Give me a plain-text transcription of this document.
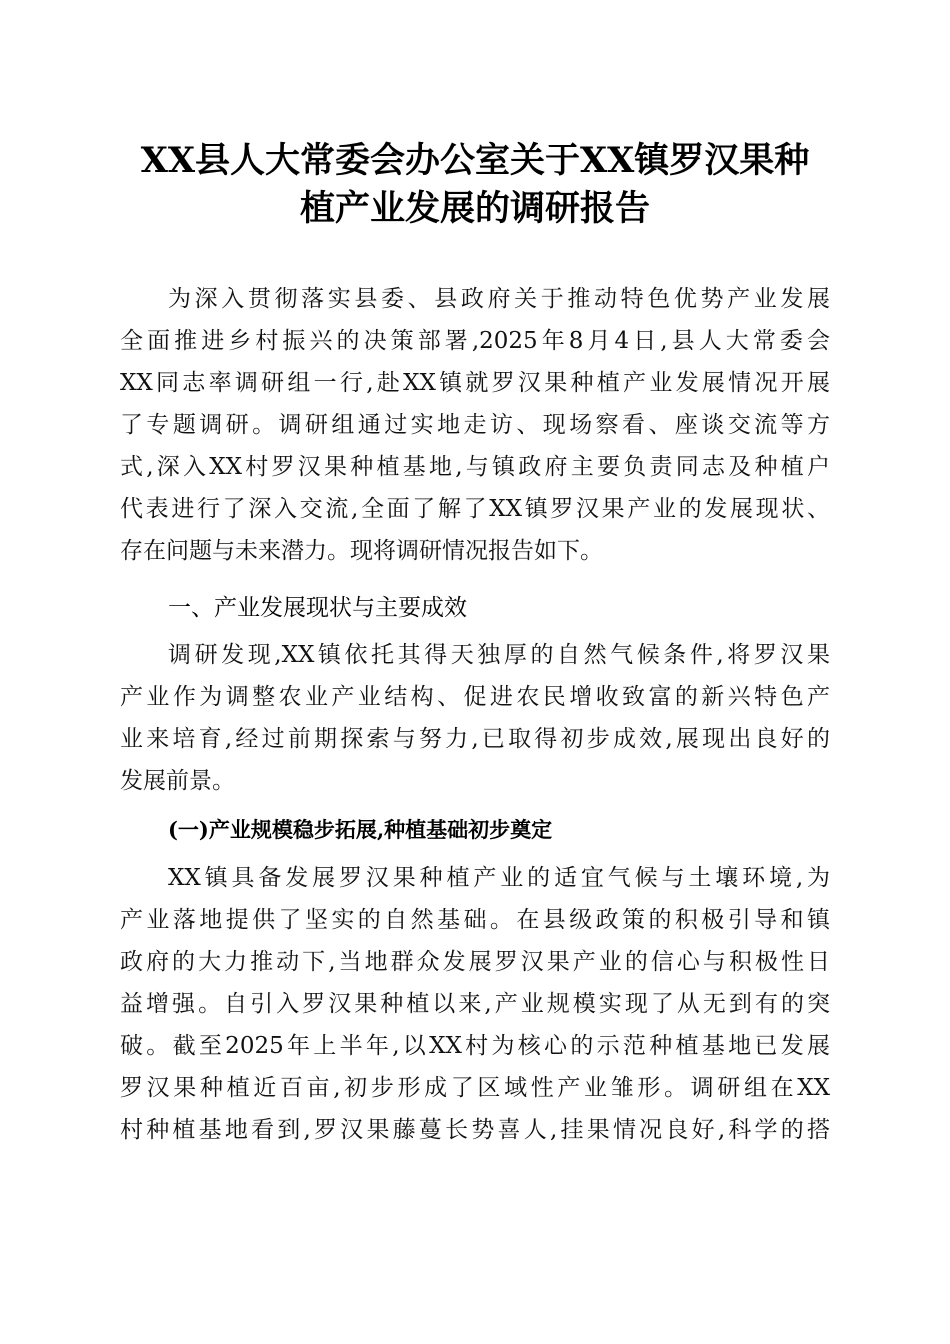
XX县人大常委会办公室关于XX镇罗汉果种
植产业发展的调研报告
为深入贯彻落实县委、县政府关于推动特色优势产业发展
全面推进乡村振兴的决策部署,2025年8月4日,县人大常委会
XX同志率调研组一行,赴XX镇就罗汉果种植产业发展情况开展
了专题调研。调研组通过实地走访、现场察看、座谈交流等方
式,深入XX村罗汉果种植基地,与镇政府主要负责同志及种植户
代表进行了深入交流,全面了解了XX镇罗汉果产业的发展现状、
存在问题与未来潜力。现将调研情况报告如下。
一、产业发展现状与主要成效
调研发现,XX镇依托其得天独厚的自然气候条件,将罗汉果
产业作为调整农业产业结构、促进农民增收致富的新兴特色产
业来培育,经过前期探索与努力,已取得初步成效,展现出良好的
发展前景。
(一)产业规模稳步拓展,种植基础初步奠定
XX镇具备发展罗汉果种植产业的适宜气候与土壤环境,为
产业落地提供了坚实的自然基础。在县级政策的积极引导和镇
政府的大力推动下,当地群众发展罗汉果产业的信心与积极性日
益增强。自引入罗汉果种植以来,产业规模实现了从无到有的突
破。截至2025年上半年,以XX村为核心的示范种植基地已发展
罗汉果种植近百亩,初步形成了区域性产业雏形。调研组在XX
村种植基地看到,罗汉果藤蔓长势喜人,挂果情况良好,科学的搭
